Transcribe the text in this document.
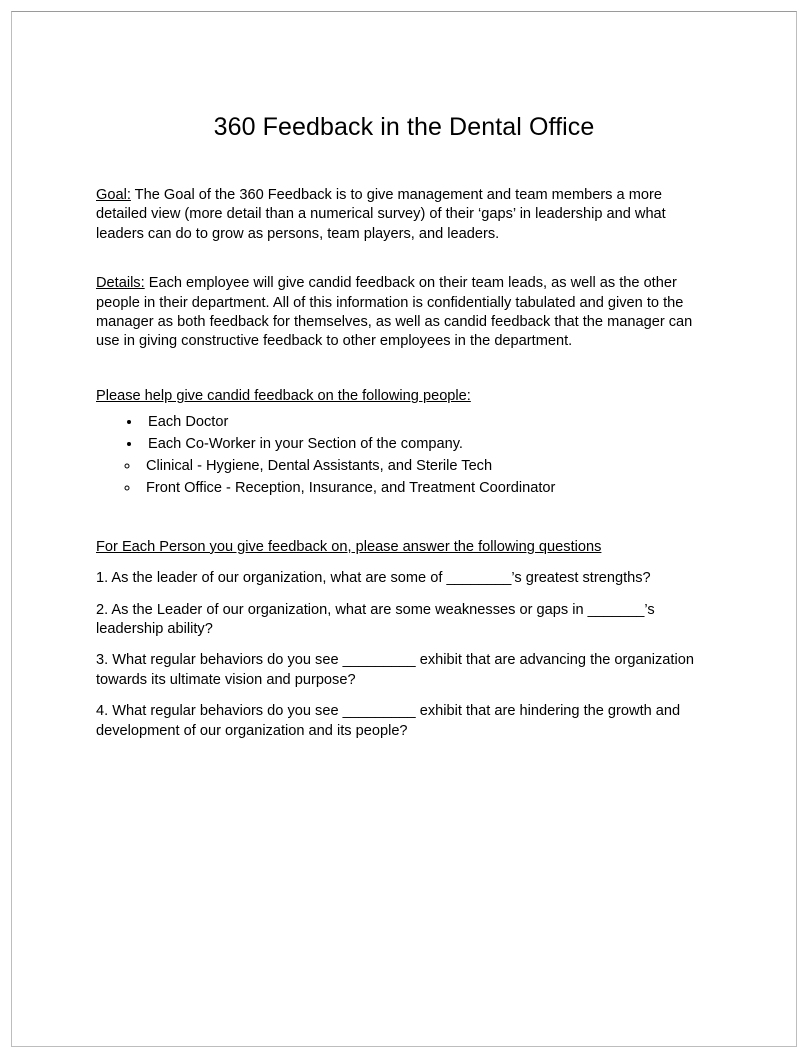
360 Feedback in the Dental Office

Goal: The Goal of the 360 Feedback is to give management and team members a more detailed view (more detail than a numerical survey) of their ‘gaps’ in leadership and what leaders can do to grow as persons, team players, and leaders.

Details: Each employee will give candid feedback on their team leads, as well as the other people in their department. All of this information is confidentially tabulated and given to the manager as both feedback for themselves, as well as candid feedback that the manager can use in giving constructive feedback to other employees in the department.

Please help give candid feedback on the following people:

• Each Doctor
• Each Co-Worker in your Section of the company.
◦ Clinical - Hygiene, Dental Assistants, and Sterile Tech
◦ Front Office - Reception, Insurance, and Treatment Coordinator

For Each Person you give feedback on, please answer the following questions

1. As the leader of our organization, what are some of ________’s greatest strengths?

2. As the Leader of our organization, what are some weaknesses or gaps in _______’s leadership ability?

3. What regular behaviors do you see _________ exhibit that are advancing the organization towards its ultimate vision and purpose?

4. What regular behaviors do you see _________ exhibit that are hindering the growth and development of our organization and its people?
